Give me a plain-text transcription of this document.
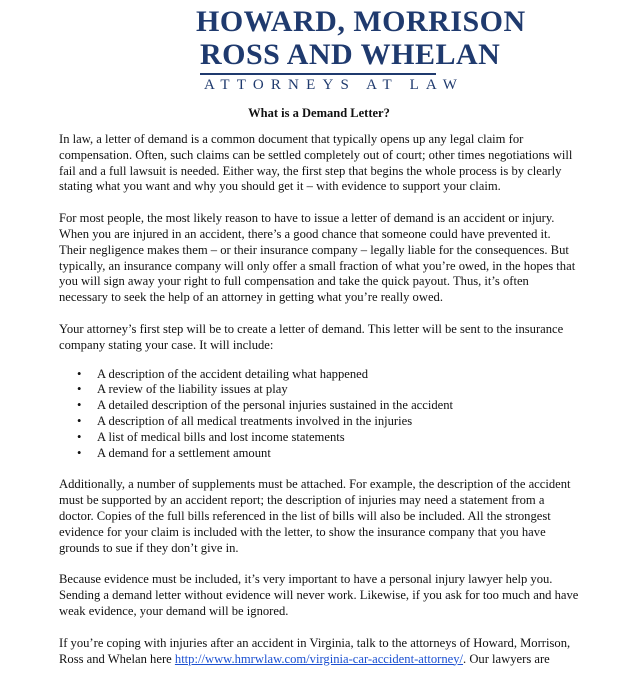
HOWARD, MORRISON
ROSS AND WHELAN
ATTORNEYS AT LAW
What is a Demand Letter?

In law, a letter of demand is a common document that typically opens up any legal claim for compensation. Often, such claims can be settled completely out of court; other times negotiations will fail and a full lawsuit is needed. Either way, the first step that begins the whole process is by clearly stating what you want and why you should get it – with evidence to support your claim.

For most people, the most likely reason to have to issue a letter of demand is an accident or injury. When you are injured in an accident, there’s a good chance that someone could have prevented it. Their negligence makes them – or their insurance company – legally liable for the consequences. But typically, an insurance company will only offer a small fraction of what you’re owed, in the hopes that you will sign away your right to full compensation and take the quick payout. Thus, it’s often necessary to seek the help of an attorney in getting what you’re really owed.

Your attorney’s first step will be to create a letter of demand. This letter will be sent to the insurance company stating your case. It will include:

• A description of the accident detailing what happened
• A review of the liability issues at play
• A detailed description of the personal injuries sustained in the accident
• A description of all medical treatments involved in the injuries
• A list of medical bills and lost income statements
• A demand for a settlement amount

Additionally, a number of supplements must be attached. For example, the description of the accident must be supported by an accident report; the description of injuries may need a statement from a doctor. Copies of the full bills referenced in the list of bills will also be included. All the strongest evidence for your claim is included with the letter, to show the insurance company that you have grounds to sue if they don’t give in.

Because evidence must be included, it’s very important to have a personal injury lawyer help you. Sending a demand letter without evidence will never work. Likewise, if you ask for too much and have weak evidence, your demand will be ignored.

If you’re coping with injuries after an accident in Virginia, talk to the attorneys of Howard, Morrison, Ross and Whelan here http://www.hmrwlaw.com/virginia-car-accident-attorney/. Our lawyers are
